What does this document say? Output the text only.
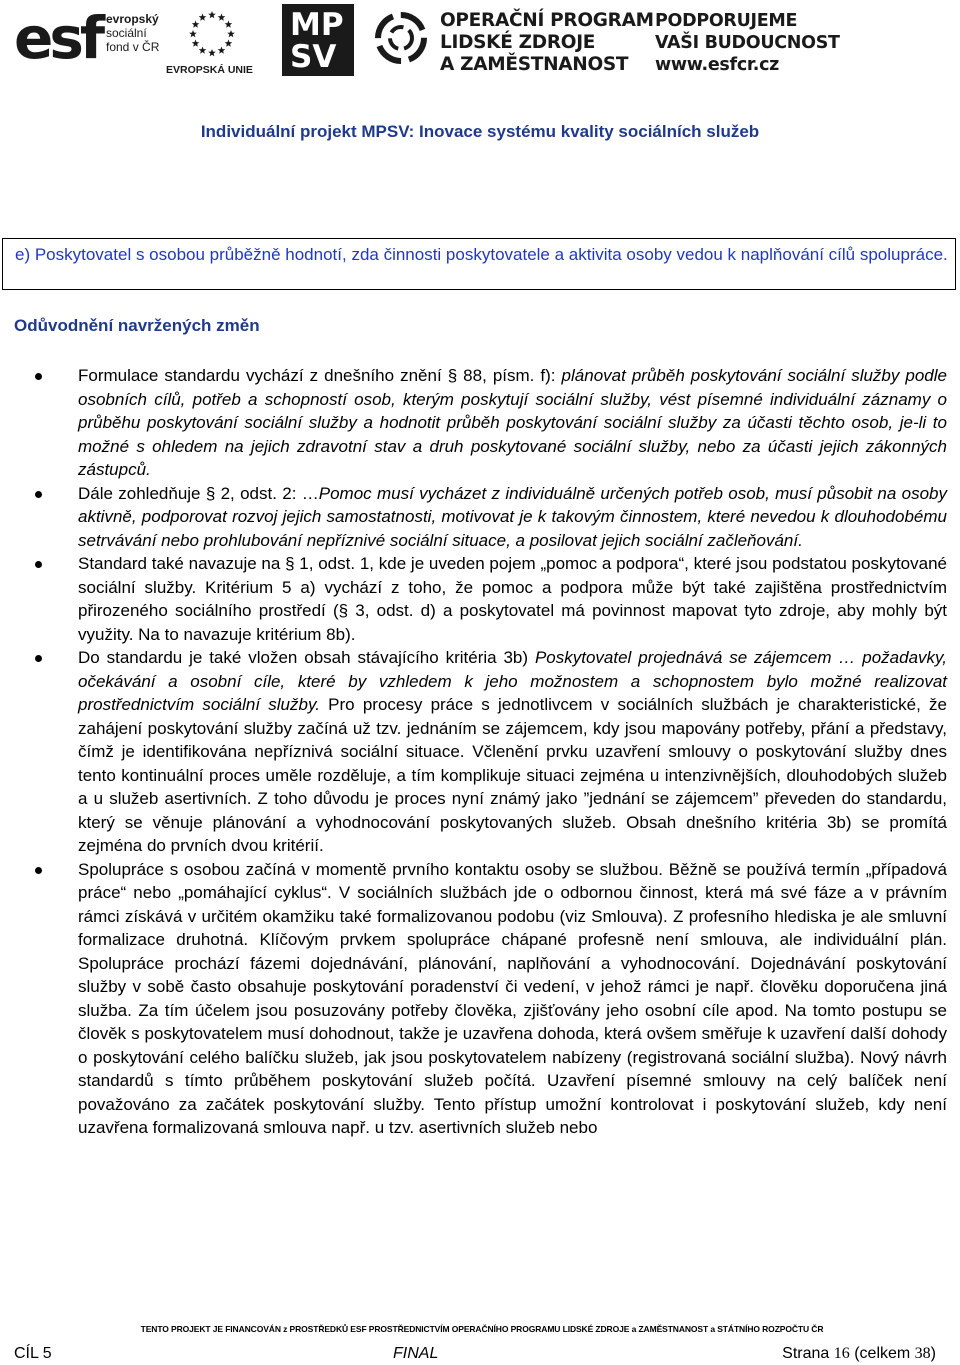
esf evropský
sociální
fond v ČR
EVROPSKÁ UNIE
MP
SV
OPERAČNÍ PROGRAM
LIDSKÉ ZDROJE
A ZAMĚSTNANOST
PODPORUJEME
VAŠI BUDOUCNOST
www.esfcr.cz
Individuální projekt MPSV: Inovace systému kvality sociálních služeb
e) Poskytovatel s osobou průběžně hodnotí, zda činnosti poskytovatele a aktivita osoby vedou k naplňování cílů spolupráce.
Odůvodnění navržených změn
Formulace standardu vychází z dnešního znění § 88, písm. f): plánovat průběh poskytování sociální služby podle osobních cílů, potřeb a schopností osob, kterým poskytují sociální služby, vést písemné individuální záznamy o průběhu poskytování sociální služby a hodnotit průběh poskytování sociální služby za účasti těchto osob, je-li to možné s ohledem na jejich zdravotní stav a druh poskytované sociální služby, nebo za účasti jejich zákonných zástupců.
Dále zohledňuje § 2, odst. 2: …Pomoc musí vycházet z individuálně určených potřeb osob, musí působit na osoby aktivně, podporovat rozvoj jejich samostatnosti, motivovat je k takovým činnostem, které nevedou k dlouhodobému setrvávání nebo prohlubování nepříznivé sociální situace, a posilovat jejich sociální začleňování.
Standard také navazuje na § 1, odst. 1, kde je uveden pojem „pomoc a podpora“, které jsou podstatou poskytované sociální služby. Kritérium 5 a) vychází z toho, že pomoc a podpora může být také zajištěna prostřednictvím přirozeného sociálního prostředí (§ 3, odst. d) a poskytovatel má povinnost mapovat tyto zdroje, aby mohly být využity. Na to navazuje kritérium 8b).
Do standardu je také vložen obsah stávajícího kritéria 3b) Poskytovatel projednává se zájemcem … požadavky, očekávání a osobní cíle, které by vzhledem k jeho možnostem a schopnostem bylo možné realizovat prostřednictvím sociální služby. Pro procesy práce s jednotlivcem v sociálních službách je charakteristické, že zahájení poskytování služby začíná už tzv. jednáním se zájemcem, kdy jsou mapovány potřeby, přání a představy, čímž je identifikována nepříznivá sociální situace. Včlenění prvku uzavření smlouvy o poskytování služby dnes tento kontinuální proces uměle rozděluje, a tím komplikuje situaci zejména u intenzivnějších, dlouhodobých služeb a u služeb asertivních. Z toho důvodu je proces nyní známý jako ”jednání se zájemcem” převeden do standardu, který se věnuje plánování a vyhodnocování poskytovaných služeb. Obsah dnešního kritéria 3b) se promítá zejména do prvních dvou kritérií.
Spolupráce s osobou začíná v momentě prvního kontaktu osoby se službou. Běžně se používá termín „případová práce“ nebo „pomáhající cyklus“. V sociálních službách jde o odbornou činnost, která má své fáze a v právním rámci získává v určitém okamžiku také formalizovanou podobu (viz Smlouva). Z profesního hlediska je ale smluvní formalizace druhotná. Klíčovým prvkem spolupráce chápané profesně není smlouva, ale individuální plán. Spolupráce prochází fázemi dojednávání, plánování, naplňování a vyhodnocování. Dojednávání poskytování služby v sobě často obsahuje poskytování poradenství či vedení, v jehož rámci je např. člověku doporučena jiná služba. Za tím účelem jsou posuzovány potřeby člověka, zjišťovány jeho osobní cíle apod. Na tomto postupu se člověk s poskytovatelem musí dohodnout, takže je uzavřena dohoda, která ovšem směřuje k uzavření další dohody o poskytování celého balíčku služeb, jak jsou poskytovatelem nabízeny (registrovaná sociální služba). Nový návrh standardů s tímto průběhem poskytování služeb počítá. Uzavření písemné smlouvy na celý balíček není považováno za začátek poskytování služby. Tento přístup umožní kontrolovat i poskytování služeb, kdy není uzavřena formalizovaná smlouva např. u tzv. asertivních služeb nebo
TENTO PROJEKT JE FINANCOVÁN z PROSTŘEDKŮ ESF PROSTŘEDNICTVÍM OPERAČNÍHO PROGRAMU LIDSKÉ ZDROJE a ZAMĚSTNANOST a STÁTNÍHO ROZPOČTU ČR
CÍL 5	FINAL	Strana 16 (celkem 38)
